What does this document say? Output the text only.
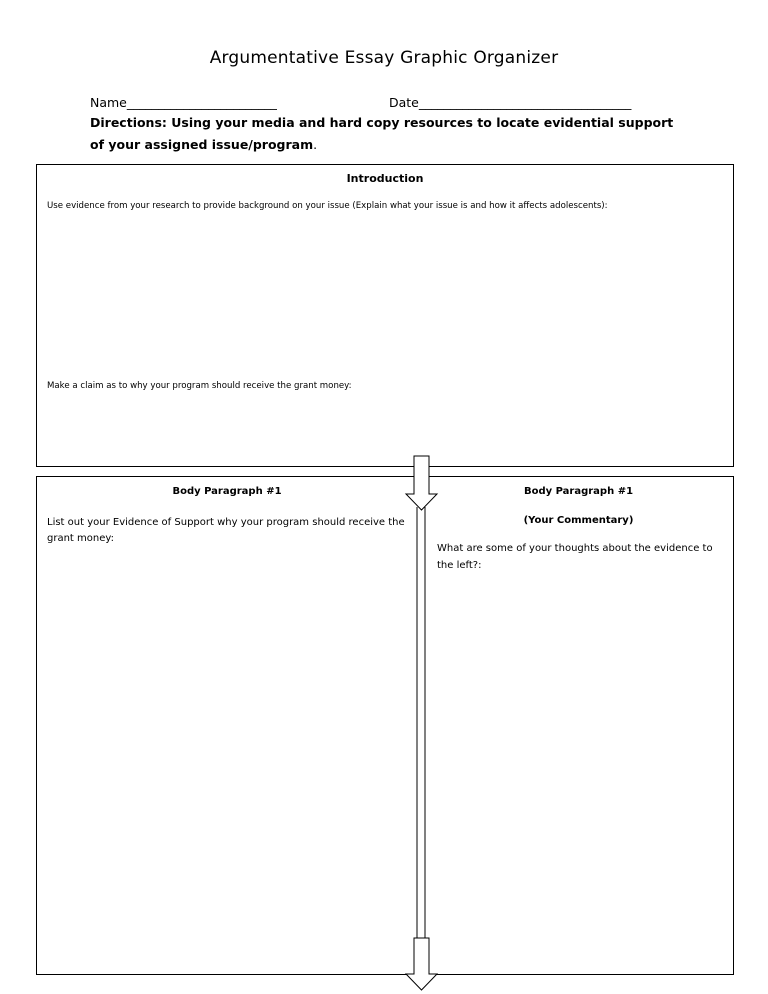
Argumentative Essay Graphic Organizer
Name________________________	Date__________________________________
Directions: Using your media and hard copy resources to locate evidential support of your assigned issue/program.
Introduction
Use evidence from your research to provide background on your issue (Explain what your issue is and how it affects adolescents):
Make a claim as to why your program should receive the grant money:
Body Paragraph #1
List out your Evidence of Support why your program should receive the grant money:
Body Paragraph #1
(Your Commentary)
What are some of your thoughts about the evidence to the left?:
